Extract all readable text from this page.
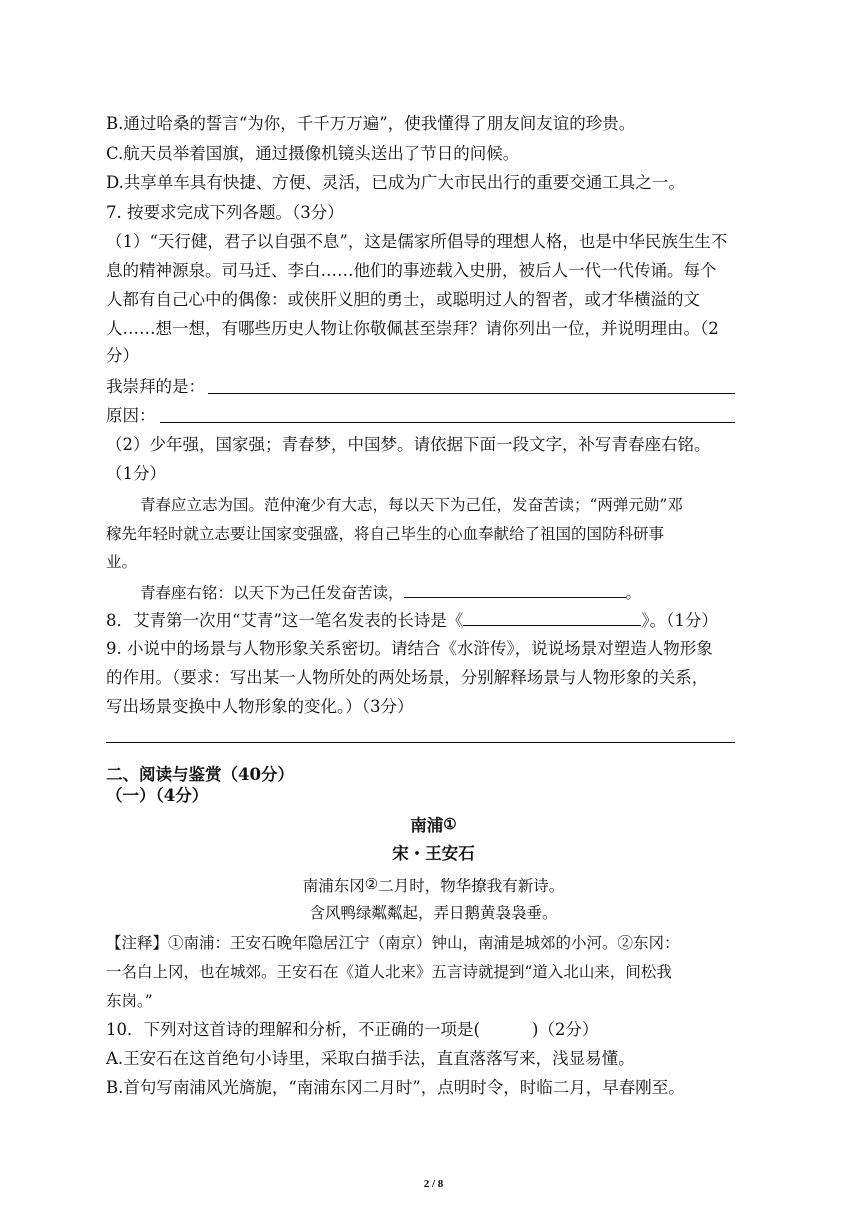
B.通过哈桑的誓言“为你，千千万万遍”，使我懂得了朋友间友谊的珍贵。
C.航天员举着国旗，通过摄像机镜头送出了节日的问候。
D.共享单车具有快捷、方便、灵活，已成为广大市民出行的重要交通工具之一。
7. 按要求完成下列各题。（3分）
（1）“天行健，君子以自强不息”，这是儒家所倡导的理想人格，也是中华民族生生不
息的精神源泉。司马迁、李白……他们的事迹载入史册，被后人一代一代传诵。每个
人都有自己心中的偶像：或侠肝义胆的勇士，或聪明过人的智者，或才华横溢的文
人……想一想，有哪些历史人物让你敬佩甚至崇拜？请你列出一位，并说明理由。（2
分）
我崇拜的是：
原因：
（2）少年强，国家强；青春梦，中国梦。请依据下面一段文字，补写青春座右铭。
（1分）
青春应立志为国。范仲淹少有大志，每以天下为己任，发奋苦读；“两弹元勋”邓
稼先年轻时就立志要让国家变强盛，将自己毕生的心血奉献给了祖国的国防科研事
业。
青春座右铭：以天下为己任发奋苦读，	。
8．艾青第一次用“艾青”这一笔名发表的长诗是《	》。（1分）
9. 小说中的场景与人物形象关系密切。请结合《水浒传》，说说场景对塑造人物形象
的作用。（要求：写出某一人物所处的两处场景，分别解释场景与人物形象的关系，
写出场景变换中人物形象的变化。）（3分）
二、阅读与鉴赏（40分）
（一）（4分）
南浦①
宋・王安石
南浦东冈②二月时，物华撩我有新诗。
含风鸭绿粼粼起，弄日鹅黄袅袅垂。
【注释】①南浦：王安石晚年隐居江宁（南京）钟山，南浦是城郊的小河。②东冈：
一名白上冈，也在城郊。王安石在《道人北来》五言诗就提到“道入北山来，间松我
东岗。”
10．下列对这首诗的理解和分析，不正确的一项是(	)（2分）
A.王安石在这首绝句小诗里，采取白描手法，直直落落写来，浅显易懂。
B.首句写南浦风光旖旎，“南浦东冈二月时”，点明时令，时临二月，早春刚至。
2 / 8
